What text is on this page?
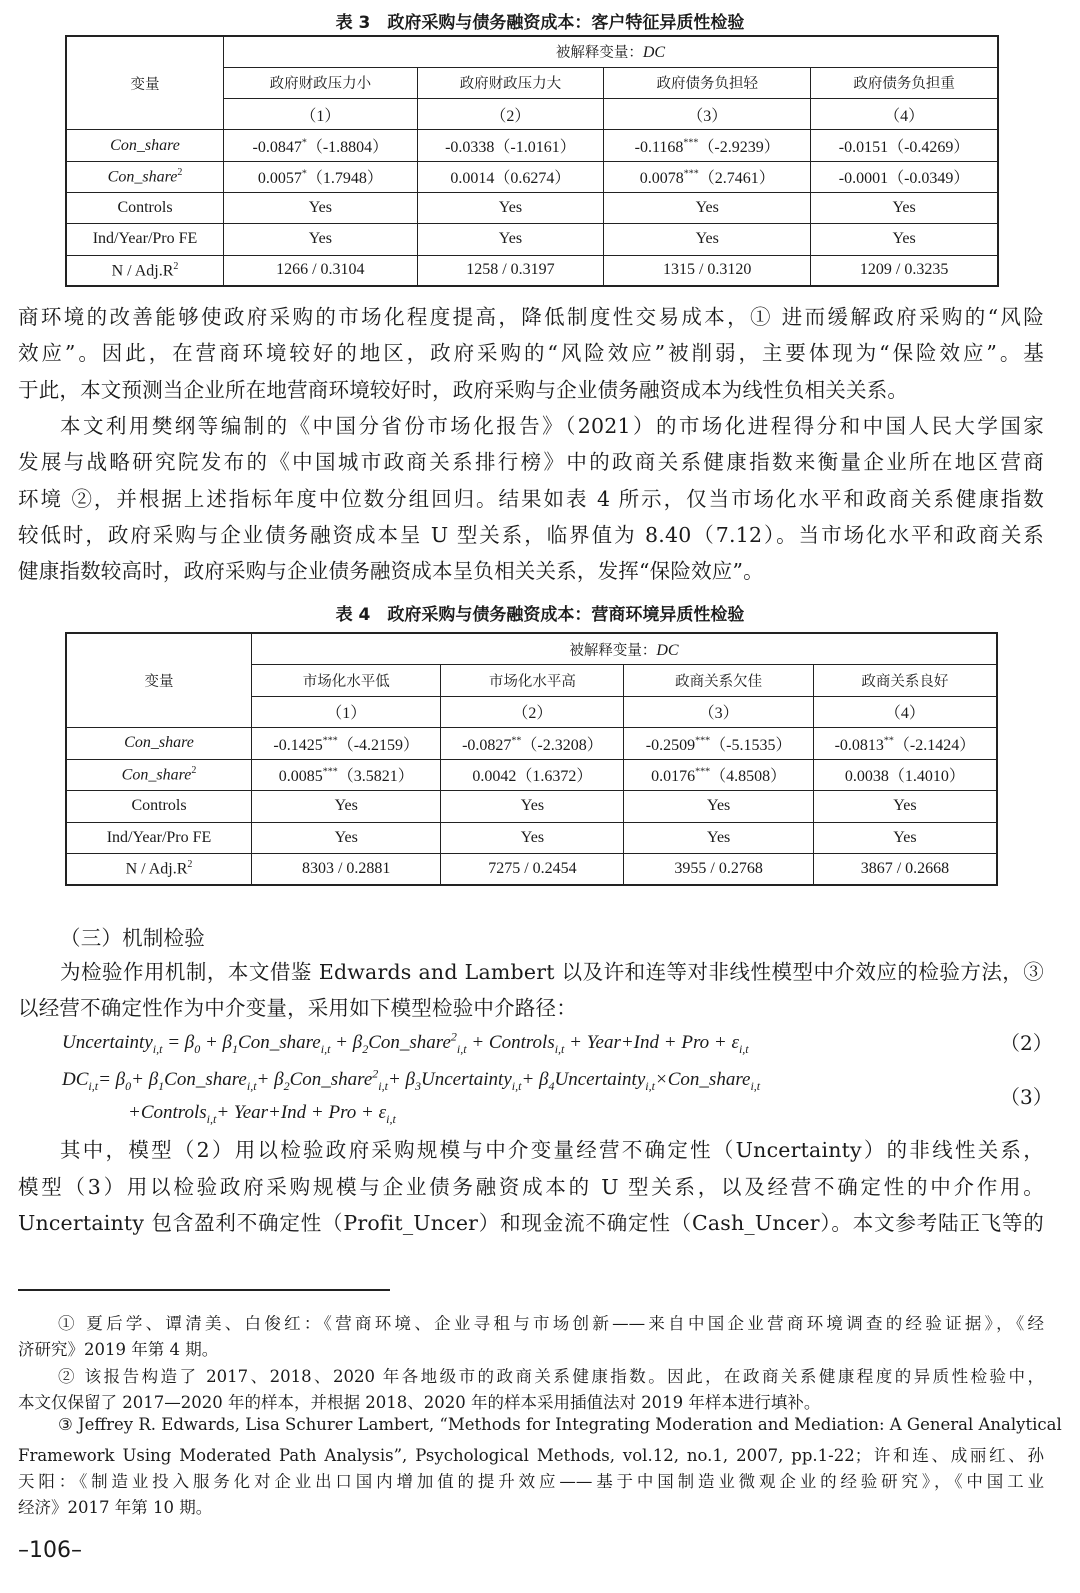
表 3　政府采购与债务融资成本：客户特征异质性检验
变量	被解释变量：DC			
	政府财政压力小	政府财政压力大	政府债务负担轻	政府债务负担重
	（1）	（2）	（3）	（4）
Con_share	-0.0847*（-1.8804）	-0.0338（-1.0161）	-0.1168***（-2.9239）	-0.0151（-0.4269）
Con_share$^2$	0.0057*（1.7948）	0.0014（0.6274）	0.0078***（2.7461）	-0.0001（-0.0349）
Controls	Yes	Yes	Yes	Yes
Ind/Year/Pro FE	Yes	Yes	Yes	Yes
N / $Adj.R^2$	1266 / 0.3104	1258 / 0.3197	1315 / 0.3120	1209 / 0.3235
商环境的改善能够使政府采购的市场化程度提高，降低制度性交易成本，① 进而缓解政府采购的“风险
效应”。因此，在营商环境较好的地区，政府采购的“风险效应”被削弱，主要体现为“保险效应”。基
于此，本文预测当企业所在地营商环境较好时，政府采购与企业债务融资成本为线性负相关关系。
本文利用樊纲等编制的《中国分省份市场化报告》（2021）的市场化进程得分和中国人民大学国家
发展与战略研究院发布的《中国城市政商关系排行榜》中的政商关系健康指数来衡量企业所在地区营商
环境 ②，并根据上述指标年度中位数分组回归。结果如表 4 所示，仅当市场化水平和政商关系健康指数
较低时，政府采购与企业债务融资成本呈 U 型关系，临界值为 8.40（7.12）。当市场化水平和政商关系
健康指数较高时，政府采购与企业债务融资成本呈负相关关系，发挥“保险效应”。
表 4　政府采购与债务融资成本：营商环境异质性检验
变量	被解释变量：DC			
	市场化水平低	市场化水平高	政商关系欠佳	政商关系良好
	（1）	（2）	（3）	（4）
Con_share	-0.1425***（-4.2159）	-0.0827**（-2.3208）	-0.2509***（-5.1535）	-0.0813**（-2.1424）
Con_share$^2$	0.0085***（3.5821）	0.0042（1.6372）	0.0176***（4.8508）	0.0038（1.4010）
Controls	Yes	Yes	Yes	Yes
Ind/Year/Pro FE	Yes	Yes	Yes	Yes
N / $Adj.R^2$	8303 / 0.2881	7275 / 0.2454	3955 / 0.2768	3867 / 0.2668
（三）机制检验
为检验作用机制，本文借鉴 Edwards and Lambert 以及许和连等对非线性模型中介效应的检验方法，③
以经营不确定性作为中介变量，采用如下模型检验中介路径：
Uncertainty$_{i,t}$ = $\beta_0$ + $\beta_1Con\_share_{i,t}$ + $\beta_2Con\_share^2_{i,t}$ + Controls$_{i,t}$ + Year+Ind + Pro + $\varepsilon_{i,t}$	（2）
$DC_{i,t}= \beta_0+$ $\beta_1Con\_share_{i,t}+$ $\beta_2Con\_share^2_{i,t}+$ $\beta_3Uncertainty_{i,t}+$ $\beta_4Uncertainty_{i,t}\times Con\_share_{i,t}$
+Controls$_{i,t}$+ Year+Ind + Pro + $\varepsilon_{i,t}$
（3）
其中，模型（2）用以检验政府采购规模与中介变量经营不确定性（Uncertainty）的非线性关系，
模型（3）用以检验政府采购规模与企业债务融资成本的 U 型关系，以及经营不确定性的中介作用。
Uncertainty 包含盈利不确定性（Profit_Uncer）和现金流不确定性（Cash_Uncer）。本文参考陆正飞等的
① 夏后学、谭清美、白俊红：《营商环境、企业寻租与市场创新——来自中国企业营商环境调查的经验证据》，《经
济研究》2019 年第 4 期。
② 该报告构造了 2017、2018、2020 年各地级市的政商关系健康指数。因此，在政商关系健康程度的异质性检验中，
本文仅保留了 2017—2020 年的样本，并根据 2018、2020 年的样本采用插值法对 2019 年样本进行填补。
③ Jeffrey R. Edwards, Lisa Schurer Lambert, “Methods for Integrating Moderation and Mediation: A General Analytical
Framework Using Moderated Path Analysis”, Psychological Methods, vol.12, no.1, 2007, pp.1-22；许和连、成丽红、孙
天阳：《制造业投入服务化对企业出口国内增加值的提升效应——基于中国制造业微观企业的经验研究》，《中国工业
经济》2017 年第 10 期。
–106–
